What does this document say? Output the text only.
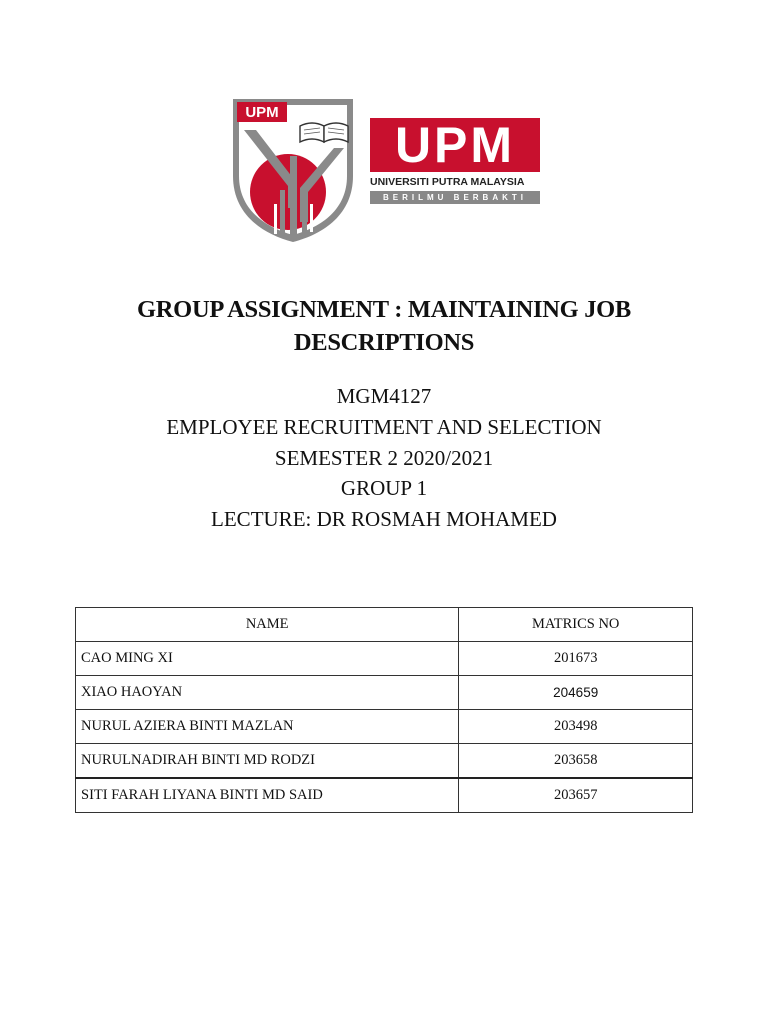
UPM
UPM
UNIVERSITI PUTRA MALAYSIA
BERILMU BERBAKTI
GROUP ASSIGNMENT : MAINTAINING JOB
DESCRIPTIONS
MGM4127
EMPLOYEE RECRUITMENT AND SELECTION
SEMESTER 2 2020/2021
GROUP 1
LECTURE: DR ROSMAH MOHAMED
NAME	MATRICS NO
CAO MING XI	201673
XIAO HAOYAN	204659
NURUL AZIERA BINTI MAZLAN	203498
NURULNADIRAH BINTI MD RODZI	203658
SITI FARAH LIYANA BINTI MD SAID	203657
